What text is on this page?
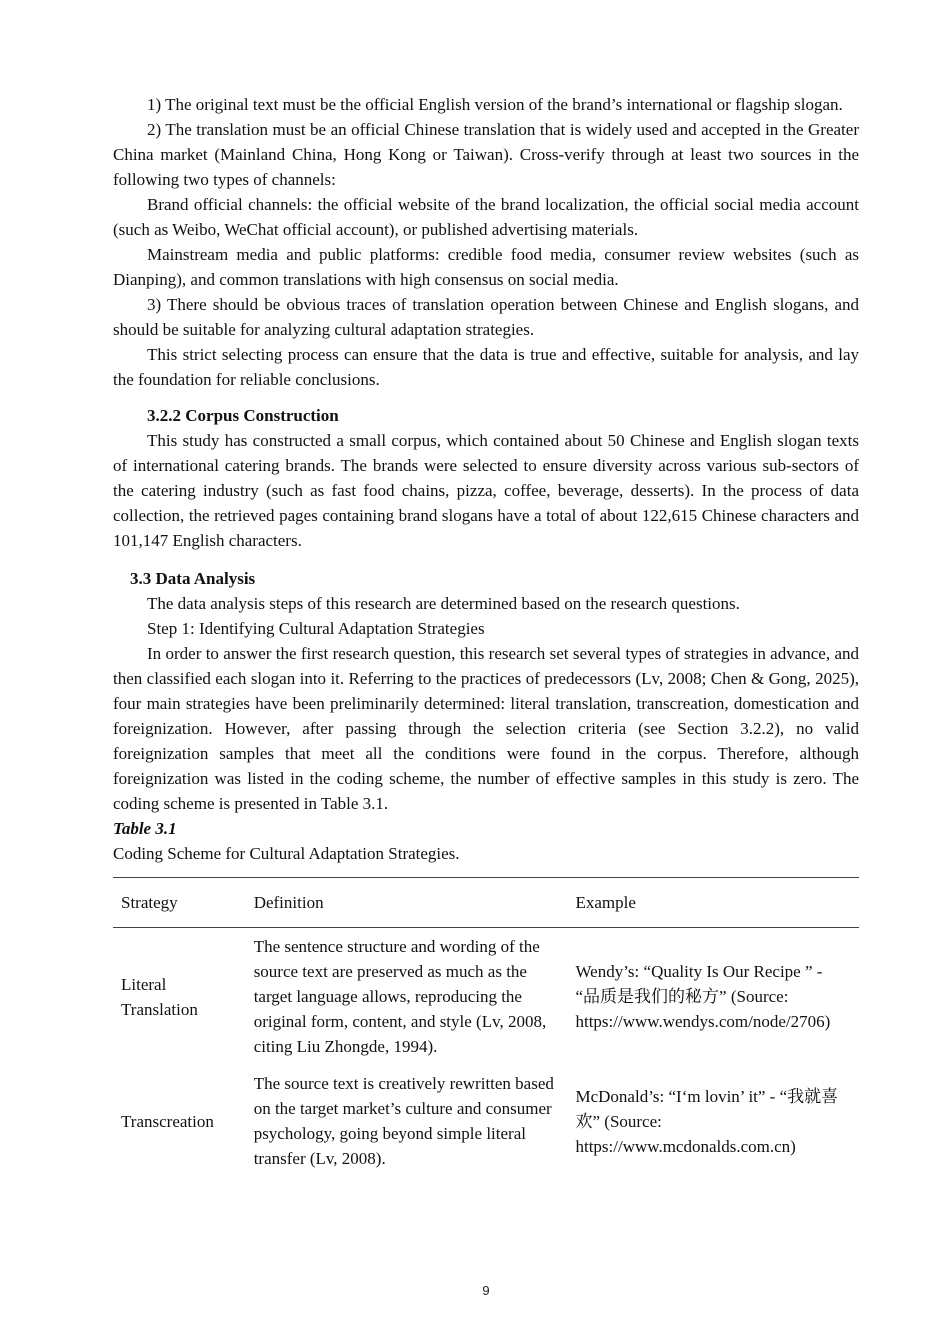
1) The original text must be the official English version of the brand’s international or flagship slogan.

2) The translation must be an official Chinese translation that is widely used and accepted in the Greater China market (Mainland China, Hong Kong or Taiwan). Cross-verify through at least two sources in the following two types of channels:

Brand official channels: the official website of the brand localization, the official social media account (such as Weibo, WeChat official account), or published advertising materials.

Mainstream media and public platforms: credible food media, consumer review websites (such as Dianping), and common translations with high consensus on social media.

3) There should be obvious traces of translation operation between Chinese and English slogans, and should be suitable for analyzing cultural adaptation strategies.

This strict selecting process can ensure that the data is true and effective, suitable for analysis, and lay the foundation for reliable conclusions.

3.2.2 Corpus Construction

This study has constructed a small corpus, which contained about 50 Chinese and English slogan texts of international catering brands. The brands were selected to ensure diversity across various sub-sectors of the catering industry (such as fast food chains, pizza, coffee, beverage, desserts). In the process of data collection, the retrieved pages containing brand slogans have a total of about 122,615 Chinese characters and 101,147 English characters.

3.3 Data Analysis

The data analysis steps of this research are determined based on the research questions.

Step 1: Identifying Cultural Adaptation Strategies

In order to answer the first research question, this research set several types of strategies in advance, and then classified each slogan into it. Referring to the practices of predecessors (Lv, 2008; Chen & Gong, 2025), four main strategies have been preliminarily determined: literal translation, transcreation, domestication and foreignization. However, after passing through the selection criteria (see Section 3.2.2), no valid foreignization samples that meet all the conditions were found in the corpus. Therefore, although foreignization was listed in the coding scheme, the number of effective samples in this study is zero. The coding scheme is presented in Table 3.1.

Table 3.1
Coding Scheme for Cultural Adaptation Strategies.
Strategy	Definition	Example
Literal Translation	The sentence structure and wording of the source text are preserved as much as the target language allows, reproducing the original form, content, and style (Lv, 2008, citing Liu Zhongde, 1994).	Wendy’s: “Quality Is Our Recipe ” - “品质是我们的秘方” (Source: https://www.wendys.com/node/2706)
Transcreation	The source text is creatively rewritten based on the target market’s culture and consumer psychology, going beyond simple literal transfer (Lv, 2008).	McDonald’s: “I‘m lovin’ it” - “我就喜欢” (Source: https://www.mcdonalds.com.cn)
9
